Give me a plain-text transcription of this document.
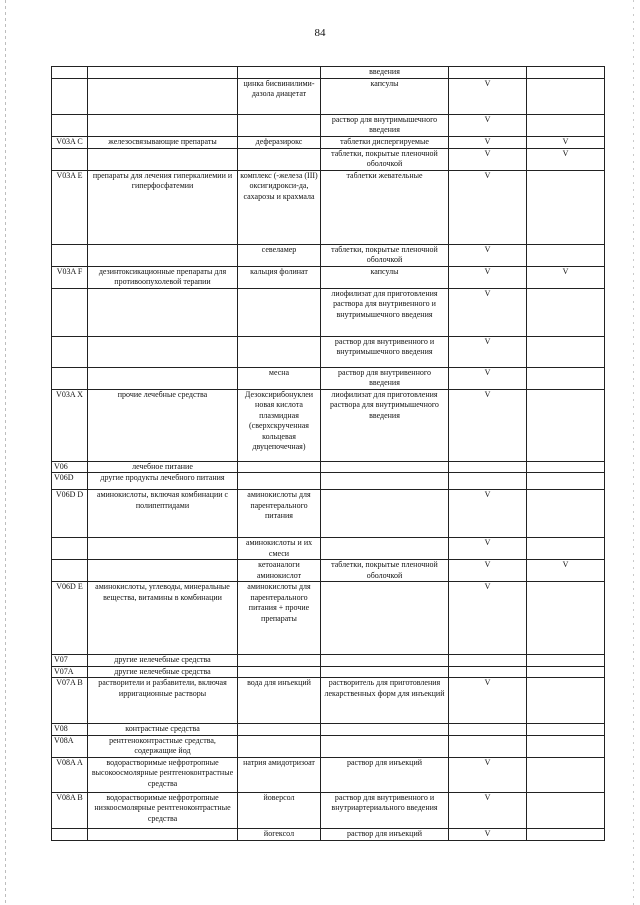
84
			введения		
		цинка бисвинилими-дазола диацетат	капсулы	V	
			раствор для внутримышечного введения	V	
V03A С	железосвязывающие препараты	деферазирокс	таблетки диспергируемые	V	V
			таблетки, покрытые пленочной оболочкой	V	V
V03A E	препараты для лечения гиперкалиемии и гиперфосфатемии	комплекс (-железа (III) оксигидрокси-да, сахарозы и крахмала	таблетки жевательные	V	
		севеламер	таблетки, покрытые пленочной оболочкой	V	
V03A F	дезинтоксикационные препараты для противоопухолевой терапии	кальция фолинат	капсулы	V	V
			лиофилизат для приготовления раствора для внутривенного и внутримышечного введения	V	
			раствор для внутривенного и внутримышечного введения	V	
		месна	раствор для внутривенного введения	V	
V03A X	прочие лечебные средства	Дезоксирибонуклеи новая кислота плазмидная (сверхскрученная кольцевая двуцепочечная)	лиофилизат для приготовления раствора для внутримышечного введения	V	
V06	лечебное питание				
V06D	другие продукты лечебного питания				
V06D D	аминокислоты, включая комбинации с полипептидами	аминокислоты для парентерального питания		V	
		аминокислоты и их смеси		V	
		кетоаналоги аминокислот	таблетки, покрытые пленочной оболочкой	V	V
V06D E	аминокислоты, углеводы, минеральные вещества, витамины в комбинации	аминокислоты для парентерального питания + прочие препараты		V	
V07	другие нелечебные средства				
V07A	другие нелечебные средства				
V07A B	растворители и разбавители, включая ирригационные растворы	вода для инъекций	растворитель для приготовления лекарственных форм для инъекций	V	
V08	контрастные средства				
V08A	рентгеноконтрастные средства, содержащие йод				
V08A A	водорастворимые нефротропные высокоосмолярные рентгеноконтрастные средства	натрия амидотризоат	раствор для инъекций	V	
V08A B	водорастворимые нефротропные низкоосмолярные рентгеноконтрастные средства	йоверсол	раствор для внутривенного и внутриартериального введения	V	
		йогексол	раствор для инъекций	V	
